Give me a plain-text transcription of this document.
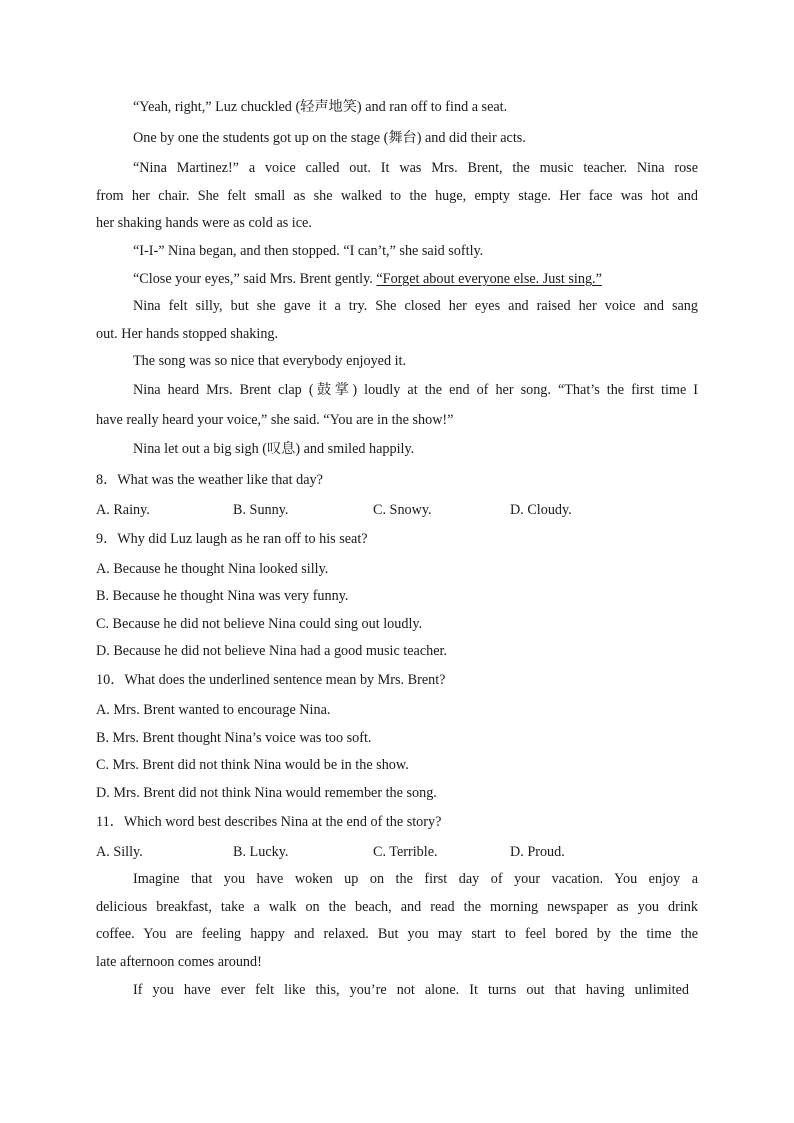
“Yeah, right,” Luz chuckled (轻声地笑) and ran off to find a seat.
One by one the students got up on the stage (舞台) and did their acts.
“Nina Martinez!” a voice called out. It was Mrs. Brent, the music teacher. Nina rose
from her chair. She felt small as she walked to the huge, empty stage. Her face was hot and
her shaking hands were as cold as ice.
“I-I-” Nina began, and then stopped. “I can’t,” she said softly.
“Close your eyes,” said Mrs. Brent gently. “Forget about everyone else. Just sing.”
Nina felt silly, but she gave it a try. She closed her eyes and raised her voice and sang
out. Her hands stopped shaking.
The song was so nice that everybody enjoyed it.
Nina heard Mrs. Brent clap (鼓掌) loudly at the end of her song. “That’s the first time I
have really heard your voice,” she said. “You are in the show!”
Nina let out a big sigh (叹息) and smiled happily.
8．What was the weather like that day?
A. Rainy.	B. Sunny.	C. Snowy.	D. Cloudy.
9．Why did Luz laugh as he ran off to his seat?
A. Because he thought Nina looked silly.
B. Because he thought Nina was very funny.
C. Because he did not believe Nina could sing out loudly.
D. Because he did not believe Nina had a good music teacher.
10．What does the underlined sentence mean by Mrs. Brent?
A. Mrs. Brent wanted to encourage Nina.
B. Mrs. Brent thought Nina’s voice was too soft.
C. Mrs. Brent did not think Nina would be in the show.
D. Mrs. Brent did not think Nina would remember the song.
11．Which word best describes Nina at the end of the story?
A. Silly.	B. Lucky.	C. Terrible.	D. Proud.
Imagine that you have woken up on the first day of your vacation. You enjoy a
delicious breakfast, take a walk on the beach, and read the morning newspaper as you drink
coffee. You are feeling happy and relaxed. But you may start to feel bored by the time the
late afternoon comes around!
If you have ever felt like this, you’re not alone. It turns out that having unlimited
